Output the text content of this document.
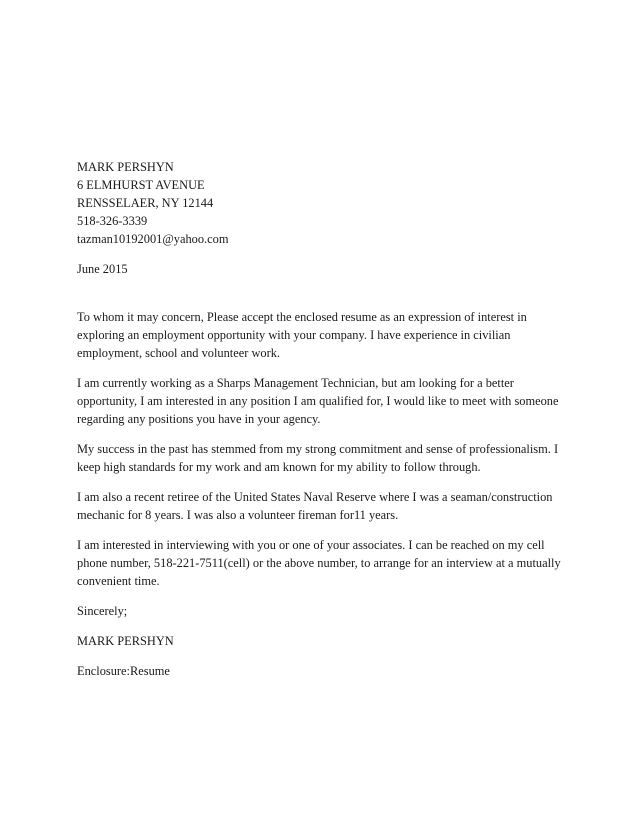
MARK PERSHYN
6 ELMHURST AVENUE
RENSSELAER, NY 12144
518-326-3339
tazman10192001@yahoo.com
June 2015
To whom it may concern, Please accept the enclosed resume as an expression of interest in
exploring an employment opportunity with your company. I have experience in civilian
employment, school and volunteer work.
I am currently working as a Sharps Management Technician, but am looking for a better
opportunity, I am interested in any position I am qualified for, I would like to meet with someone
regarding any positions you have in your agency.
My success in the past has stemmed from my strong commitment and sense of professionalism. I
keep high standards for my work and am known for my ability to follow through.
I am also a recent retiree of the United States Naval Reserve where I was a seaman/construction
mechanic for 8 years. I was also a volunteer fireman for11 years.
I am interested in interviewing with you or one of your associates. I can be reached on my cell
phone number, 518-221-7511(cell) or the above number, to arrange for an interview at a mutually
convenient time.
Sincerely;
MARK PERSHYN
Enclosure:Resume
